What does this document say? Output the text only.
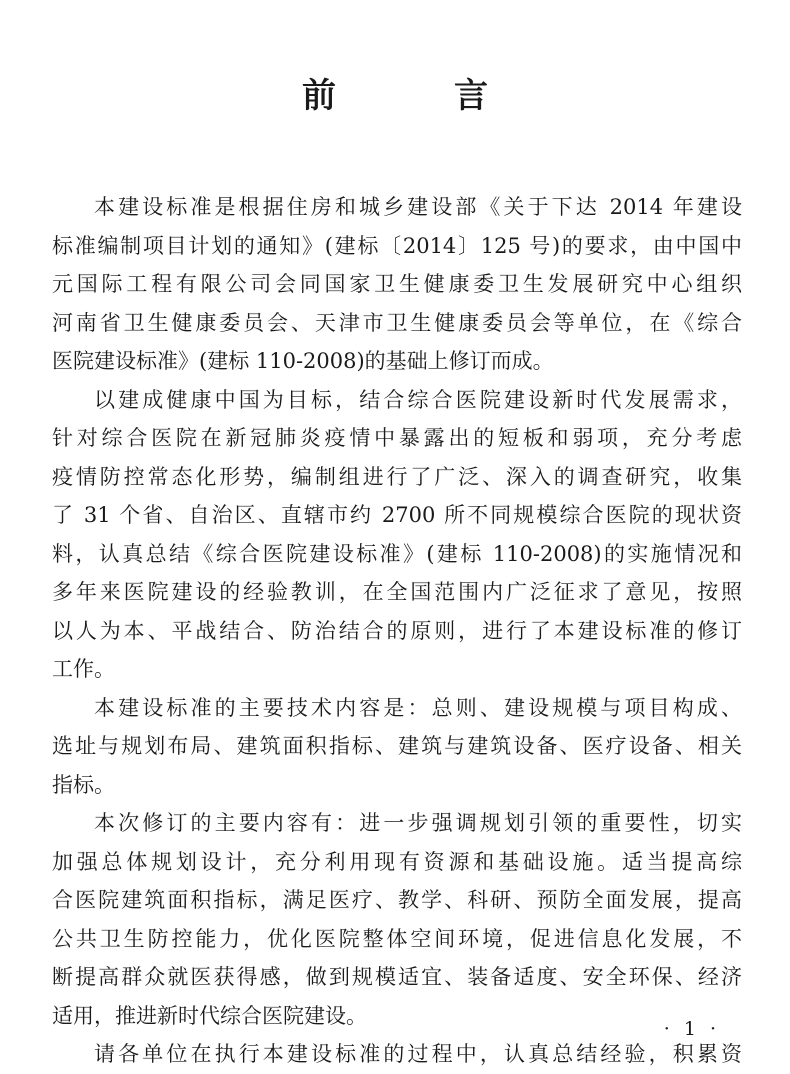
前　言
本建设标准是根据住房和城乡建设部《关于下达 2014 年建设
标准编制项目计划的通知》(建标〔2014〕125 号)的要求，由中国中
元国际工程有限公司会同国家卫生健康委卫生发展研究中心组织
河南省卫生健康委员会、天津市卫生健康委员会等单位，在《综合
医院建设标准》(建标 110-2008)的基础上修订而成。
以建成健康中国为目标，结合综合医院建设新时代发展需求，
针对综合医院在新冠肺炎疫情中暴露出的短板和弱项，充分考虑
疫情防控常态化形势，编制组进行了广泛、深入的调查研究，收集
了 31 个省、自治区、直辖市约 2700 所不同规模综合医院的现状资
料，认真总结《综合医院建设标准》(建标 110-2008)的实施情况和
多年来医院建设的经验教训，在全国范围内广泛征求了意见，按照
以人为本、平战结合、防治结合的原则，进行了本建设标准的修订
工作。
本建设标准的主要技术内容是：总则、建设规模与项目构成、
选址与规划布局、建筑面积指标、建筑与建筑设备、医疗设备、相关
指标。
本次修订的主要内容有：进一步强调规划引领的重要性，切实
加强总体规划设计，充分利用现有资源和基础设施。适当提高综
合医院建筑面积指标，满足医疗、教学、科研、预防全面发展，提高
公共卫生防控能力，优化医院整体空间环境，促进信息化发展，不
断提高群众就医获得感，做到规模适宜、装备适度、安全环保、经济
适用，推进新时代综合医院建设。
请各单位在执行本建设标准的过程中，认真总结经验，积累资
· 1 ·
